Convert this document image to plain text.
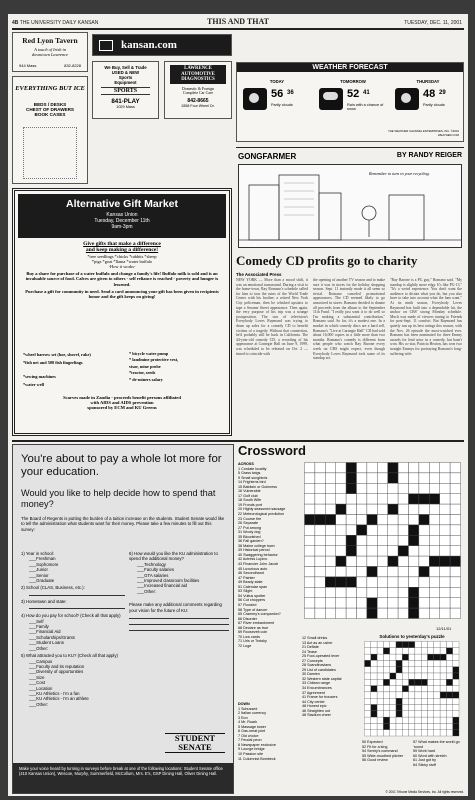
4B THE UNIVERSITY DAILY KANSAN	THIS AND THAT	TUESDAY, DEC. 11, 2001
Red Lyon Tavern
A touch of Irish in
downtown Lawrence
944 Mass	832-8228
kansan.com
We Buy, Sell & Trade
USED & NEW
Sports
Equipment
SPORTS
841-PLAY
1029 Mass
LAWRENCE
AUTOMOTIVE
DIAGNOSTICS
Domestic & Foreign
Complete Car Care
842-8665
2858 Four Wheel Dr.
EVERYTHING BUT ICE
BEDS / DESKS
CHEST OF DRAWERS
BOOK CASES
WEATHER FORECAST
TODAY
56 36
Partly clouds
TOMORROW
52 41
Rain with a chance of snow
THURSDAY
48 29
Partly clouds
THE WEATHER CHANNEL ENTERPRISES, INC. ©2001 WEATHER.COM
GONGFARMER	BY RANDY REIGER
Remember to turn in your recycling.
Comedy CD profits go to charity
The Associated Press
NEW YORK — More than a mood shift, it was an emotional turnaround. During a visit to the home-town, Ray Romano's schedule called for him to tour the ruins of the World Trade Center with his brother, a retired New York City policeman, then he whisked upstairs to tape a Sesame Street appearance. Then again, the very purpose of his trip was a strange juxtaposition. The star of television's Everybody Loves Raymond was trying to drum up sales for a comedy CD to benefit victims of a tragedy. Without that connection, he'd probably still be back in California. The 44-year-old comedy CD, a recording of his appearance at Carnegie Hall on June 9, 1999, was scheduled to be released on Oct. 2 — timed to coincide with
the opening of another TV season and to make sure it was in stores for the holiday shopping season. Sept. 11 instantly made it all seem so trivial. Romano canceled promotional appearances. The CD seemed likely to go unnoticed in stores. Romano decided to donate all proceeds from the album to the September 11th Fund. "I really just want it to do well so I'm making a substantial contribution," Romano said. So far, it's a modest one. In a market in which comedy discs are a hard sell, Romano's "Live at Carnegie Hall" CD had sold about 16,000 copies in a little more than two months. Romano's comedy is different from what people who watch Ray Barone every week on CBS might expect, even though Everybody Loves Raymond took some of its standup act.
"Ray Barone is a PG guy," Romano said. "My standup is slightly more edgy. It's like PG-13." "It's a weird experience. You don't want the audience to dictate what you do, but you also have to take into account what the fans want." At its ninth season, Everybody Loves Raymond has built into a dependable hit, the anchor on CBS' strong Monday schedule. Much was made of viewers tuning to Friends for post-Sept. 11 comfort. But Raymond has quietly run up its best ratings this season, with the Nov. 26 episode the most-watched ever. Romano has been nominated for three Emmy awards for lead actor in a comedy, but hasn't won. His co-star, Patricia Heaton, has won two straight Emmys for portraying Romano's long-suffering wife.
Alternative Gift Market
Kansas Union
Tuesday, December 11th
9am-3pm
Give gifts that make a difference
and keep making a difference!
*tree seedlings *chicks *rabbits *sheep
*pigs *goat *llama *water buffalo
-How it works-
Buy a share for purchase of a water buffalo and change a family's life! Buffalo milk is sold and is an invaluable source of food. Calves are given to others - self reliance is reached - poverty and hunger is lessened.
Purchase a gift for community in need. Send a card announcing your gift has been given in recipients honor and the gift keeps on giving!
*wheel barrow set (hoe, shovel, rake)
*fish net and 500 fish fingerlings
*sewing machines
*water well
* bicycle water pump
* landmine protective vest,
visor, mine probe
*tractor, seeds
* de-miners salary
Scarves made in Zandia - proceeds benefit persons affiliated
with AIDS and AIDS prevention
sponsored by ECM and KU Greens
You're about to pay a whole lot more for your education.
Would you like to help decide how to spend that money?
The Board of Regents is putting the burden of a tuition increase on the students. Student Senate would like to tell the administration what students want for their money. Please take a few minutes to fill out this survey:
1) Year in school:
___Freshman
___Sophomore
___Junior
___Senior
___Graduate
2) School (CLAS, Business, etc.):
3) Hometown and state:
4) How do you pay for school? (Check all that apply)
___Self
___Family
___Financial Aid
___Scholarships/Grants
___Student Loans
___Other:
5) What attracted you to KU? (Check all that apply)
___Campus
___Faculty and its reputation
___Diversity of opportunities
___Size
___Cost
___Location
___KU Athletics - I'm a fan
___KU Athletics - I'm an athlete
___Other:
6) How would you like the KU administration to spend the additional money?
___Technology
___Faculty salaries
___GTA salaries
___Improved classroom facilities
___Increased financial aid
___Other:
Please make any additional comments regarding your vision for the future of KU:
STUDENT
SENATE
Make your voice heard by turning in surveys before break at one of the following locations: Student Senate office (410 Kansas Union), Wescoe, Murphy, Summerfield, McCollum, Mrs. E's, GSP Dining Hall, Oliver Dining Hall.
Crossword
ACROSS
1 Cordate locality
5 Grass twigs
9 Small songbirds
14 Frightens bird
15 Baldwin or Guinness
16 Vulnerable
17 Golf club
18 South Wife
19 Fronds port
20 Highly seasoned sausage
22 Meteorological prediction
23 Course fire
26 Separate
27 Put among
31 Wooly dog
35 Bloodshed
36 Fall garden?
38 Maine college town
39 Historical period
40 Swaggering behavior
42 Actress Lupino
43 Financier John Jacob
45 Luxurious auto
46 Secondhand
47 Painter
49 Beady state
51 Calendar span
53 Slight
54 Vuitus spotter
56 Cut choppers
57 Flooded
58 Type of dancer
65 Crammy's companion?
66 Disorder
67 River embankment
68 Declare as true
69 Roosevelt coin
70 Low cards
71 Uris or Trotsky
72 Luge
12/11/01
DOWN
1 Schussed
2 Italian currency
3 Eon
4 Mr. Ruark
5 Massage tower
6 Gas-meat joint
7 Old choice
7 Feudal peon
8 Newspaper exclusive
9 Lounge bridge
10 Passion site
11 Columnist Bombeck
12 Small drinks
13 Act as an usher
21 Deflate
24 Tease
25 Foot-operated lever
27 Concepts
28 Scandinavians
29 List of candidates
30 Damien
32 Western state capital
33 Chilean range
34 Encumbrances
37 Agreement
41 Frame for trousers
44 City center
48 Honest epic
46 Straighten out
48 Stadium cheer
50 Expected
52 Fit for a king
54 Sentry's command
55 Wide-mouthed pitcher
56 Good review
57 What makes the world go 'round
59 Work hard
60 Word with stretch
61 Just got by
64 Sticky stuff
Solutions to yesterday's puzzle
© 2001 Tribune Media Services, Inc. All rights reserved.
